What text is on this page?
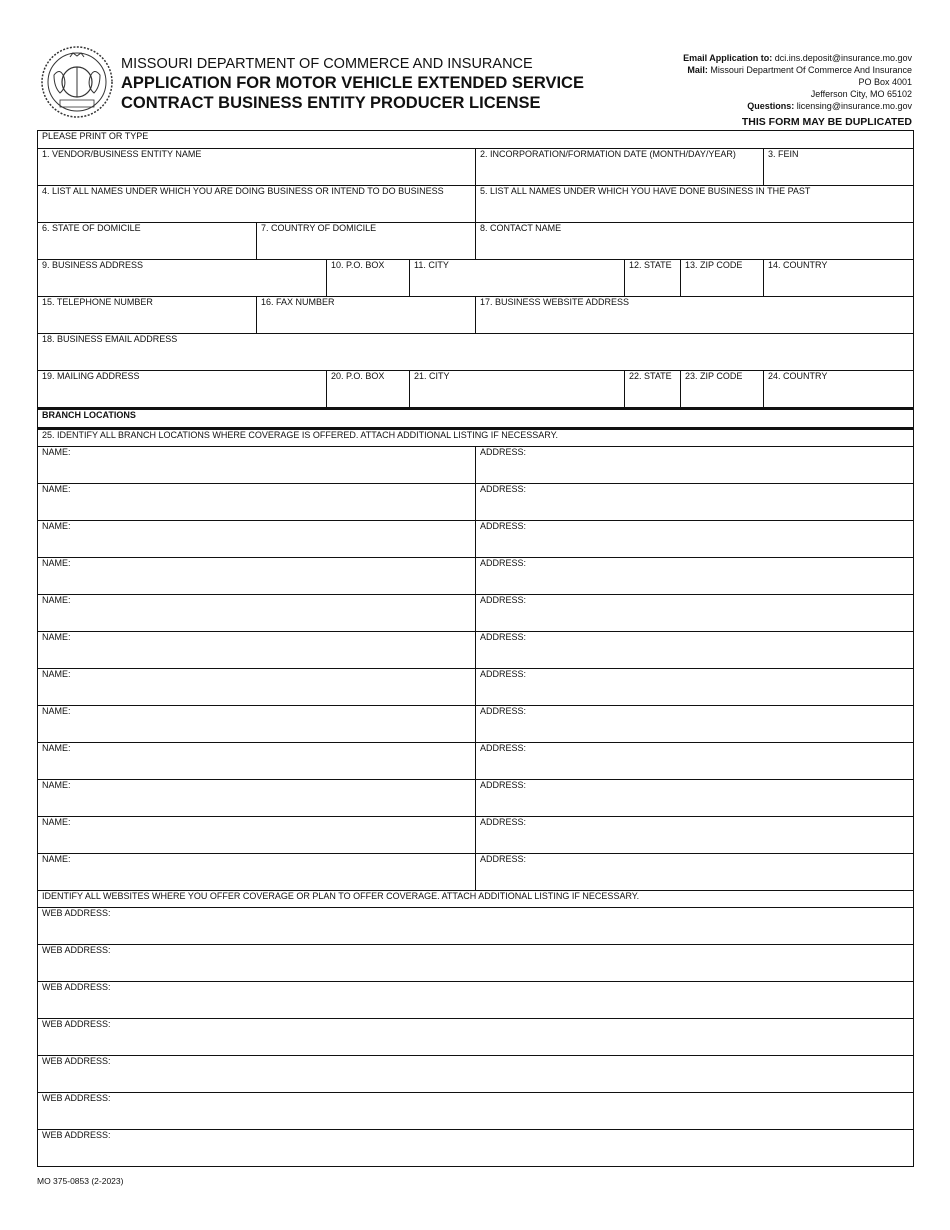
MISSOURI DEPARTMENT OF COMMERCE AND INSURANCE
APPLICATION FOR MOTOR VEHICLE EXTENDED SERVICE
CONTRACT BUSINESS ENTITY PRODUCER LICENSE
Email Application to: dci.ins.deposit@insurance.mo.gov
Mail: Missouri Department Of Commerce And Insurance
PO Box 4001
Jefferson City, MO 65102
Questions: licensing@insurance.mo.gov
THIS FORM MAY BE DUPLICATED
PLEASE PRINT OR TYPE							
1. VENDOR/BUSINESS ENTITY NAME				2. INCORPORATION/FORMATION DATE (MONTH/DAY/YEAR)			3. FEIN
4. LIST ALL NAMES UNDER WHICH YOU ARE DOING BUSINESS OR INTEND TO DO BUSINESS				5. LIST ALL NAMES UNDER WHICH YOU HAVE DONE BUSINESS IN THE PAST			
6. STATE OF DOMICILE	7. COUNTRY OF DOMICILE			8. CONTACT NAME			
9. BUSINESS ADDRESS		10. P.O. BOX	11. CITY		12. STATE	13. ZIP CODE	14. COUNTRY
15. TELEPHONE NUMBER	16. FAX NUMBER			17. BUSINESS WEBSITE ADDRESS			
18. BUSINESS EMAIL ADDRESS							
19. MAILING ADDRESS		20. P.O. BOX	21. CITY		22. STATE	23. ZIP CODE	24. COUNTRY
BRANCH LOCATIONS							
25. IDENTIFY ALL BRANCH LOCATIONS WHERE COVERAGE IS OFFERED. ATTACH ADDITIONAL LISTING IF NECESSARY.							
NAME:				ADDRESS:			
NAME:				ADDRESS:			
NAME:				ADDRESS:			
NAME:				ADDRESS:			
NAME:				ADDRESS:			
NAME:				ADDRESS:			
NAME:				ADDRESS:			
NAME:				ADDRESS:			
NAME:				ADDRESS:			
NAME:				ADDRESS:			
NAME:				ADDRESS:			
NAME:				ADDRESS:			
IDENTIFY ALL WEBSITES WHERE YOU OFFER COVERAGE OR PLAN TO OFFER COVERAGE. ATTACH ADDITIONAL LISTING IF NECESSARY.							
WEB ADDRESS:							
WEB ADDRESS:							
WEB ADDRESS:							
WEB ADDRESS:							
WEB ADDRESS:							
WEB ADDRESS:							
WEB ADDRESS:							
MO 375-0853 (2-2023)
